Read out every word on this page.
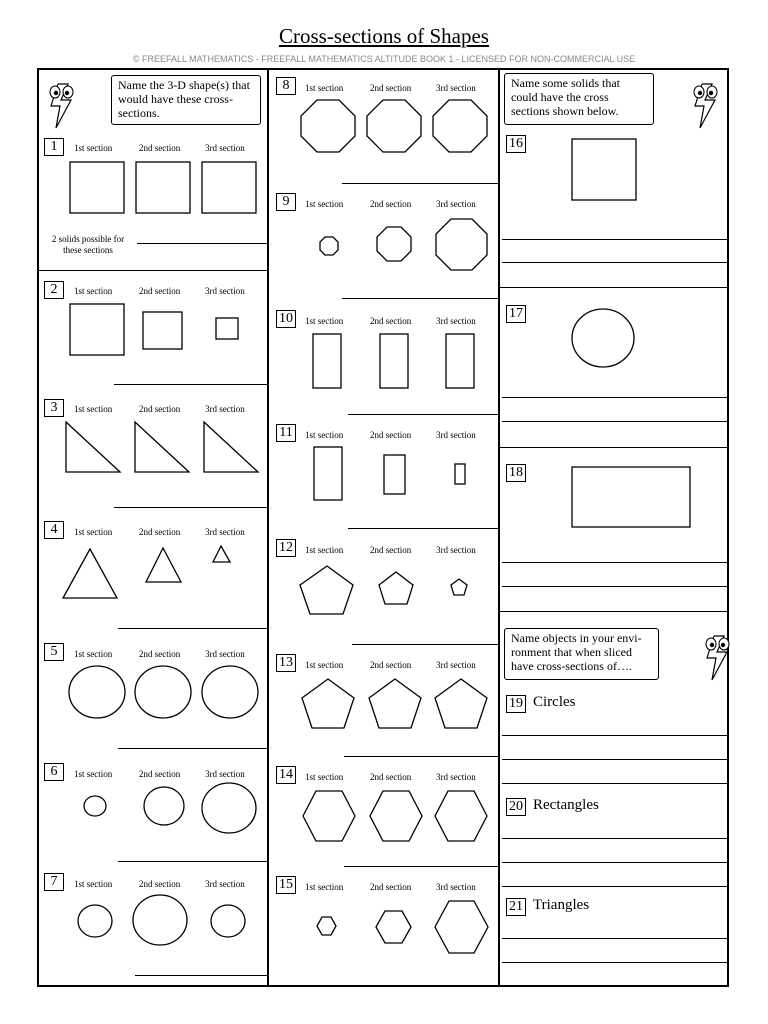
Cross-sections of Shapes
© FREEFALL MATHEMATICS - FREEFALL MATHEMATICS ALTITUDE BOOK 1 - LICENSED FOR NON-COMMERCIAL USE
Name the 3-D shape(s) that would have these cross-sections.
Name some solids that could have the cross sections shown below.
Name objects in your envi-ronment that when sliced have cross-sections of….
2 solids possible for these sections
1
2
3
4
5
6
7
8
9
10
11
12
13
14
15
16
17
18
19
20
21
Circles
Rectangles
Triangles
1st section	2nd section	3rd section
1st section	2nd section	3rd section
1st section	2nd section	3rd section
1st section	2nd section	3rd section
1st section	2nd section	3rd section
1st section	2nd section	3rd section
1st section	2nd section	3rd section
1st section	2nd section	3rd section
1st section	2nd section	3rd section
1st section	2nd section	3rd section
1st section	2nd section	3rd section
1st section	2nd section	3rd section
1st section	2nd section	3rd section
1st section	2nd section	3rd section
1st section	2nd section	3rd section
